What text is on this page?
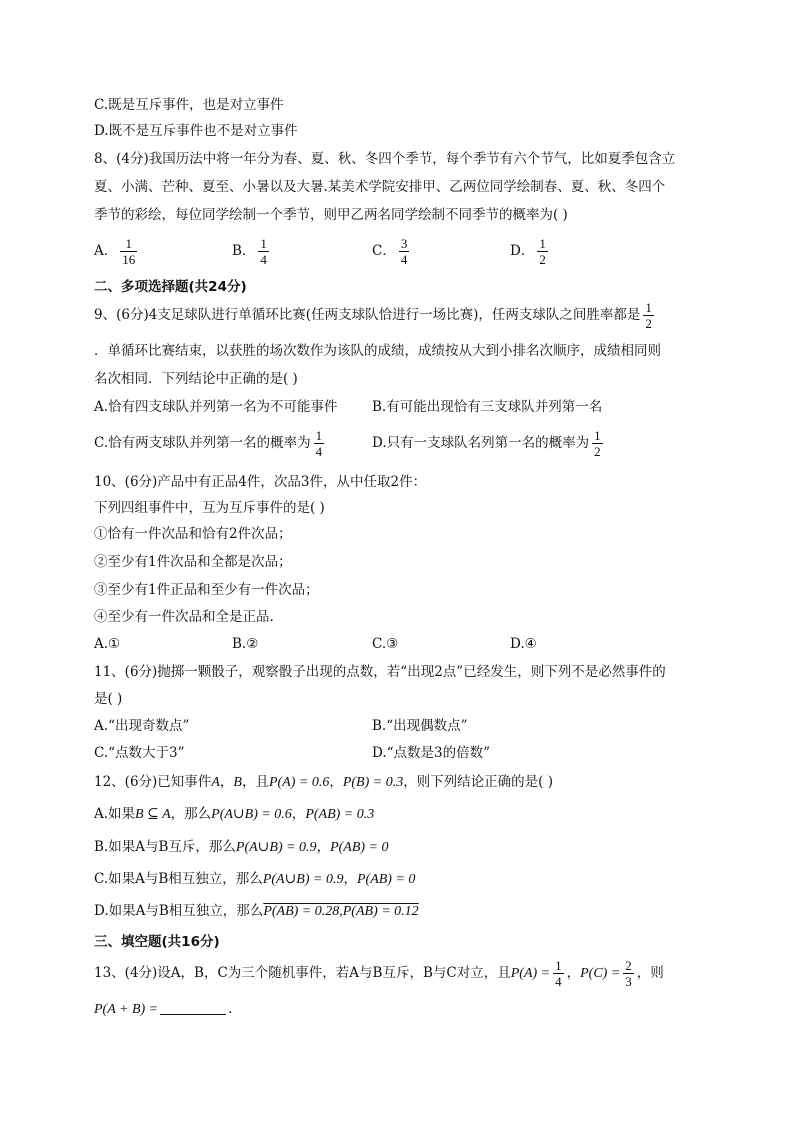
C.既是互斥事件，也是对立事件
D.既不是互斥事件也不是对立事件
8、(4分)我国历法中将一年分为春、夏、秋、冬四个季节，每个季节有六个节气，比如夏季包含立
夏、小满、芒种、夏至、小暑以及大暑.某美术学院安排甲、乙两位同学绘制春、夏、秋、冬四个
季节的彩绘，每位同学绘制一个季节，则甲乙两名同学绘制不同季节的概率为( )
A． $\frac{1}{16}$	B． $\frac{1}{4}$	C． $\frac{3}{4}$	D． $\frac{1}{2}$
二、多项选择题(共24分)
9、(6分)4支足球队进行单循环比赛(任两支球队恰进行一场比赛)，任两支球队之间胜率都是 $\frac{1}{2}$
．单循环比赛结束，以获胜的场次数作为该队的成绩，成绩按从大到小排名次顺序，成绩相同则
名次相同．下列结论中正确的是( )
A.恰有四支球队并列第一名为不可能事件	B.有可能出现恰有三支球队并列第一名
C.恰有两支球队并列第一名的概率为 $\frac{1}{4}$	D.只有一支球队名列第一名的概率为 $\frac{1}{2}$
10、(6分)产品中有正品4件，次品3件，从中任取2件：
下列四组事件中，互为互斥事件的是( )
①恰有一件次品和恰有2件次品；
②至少有1件次品和全都是次品；
③至少有1件正品和至少有一件次品；
④至少有一件次品和全是正品.
A.①	B.②	C.③	D.④
11、(6分)抛掷一颗骰子，观察骰子出现的点数，若“出现2点”已经发生，则下列不是必然事件的
是( )
A.“出现奇数点”	B.“出现偶数点”
C.“点数大于3”	D.“点数是3的倍数”
12、(6分)已知事件A，B，且P(A) = 0.6，P(B) = 0.3，则下列结论正确的是( )
A.如果B ⊆ A，那么P(A∪B) = 0.6，P(AB) = 0.3
B.如果A与B互斥，那么P(A∪B) = 0.9，P(AB) = 0
C.如果A与B相互独立，那么P(A∪B) = 0.9，P(AB) = 0
D.如果A与B相互独立，那么P(AB) = 0.28,P(AB) = 0.12
三、填空题(共16分)
13、(4分)设A，B，C为三个随机事件，若A与B互斥，B与C对立，且$P(A) = \frac{1}{4}$ ，$P(C) = \frac{2}{3}$ ，则
P(A + B) =	.
